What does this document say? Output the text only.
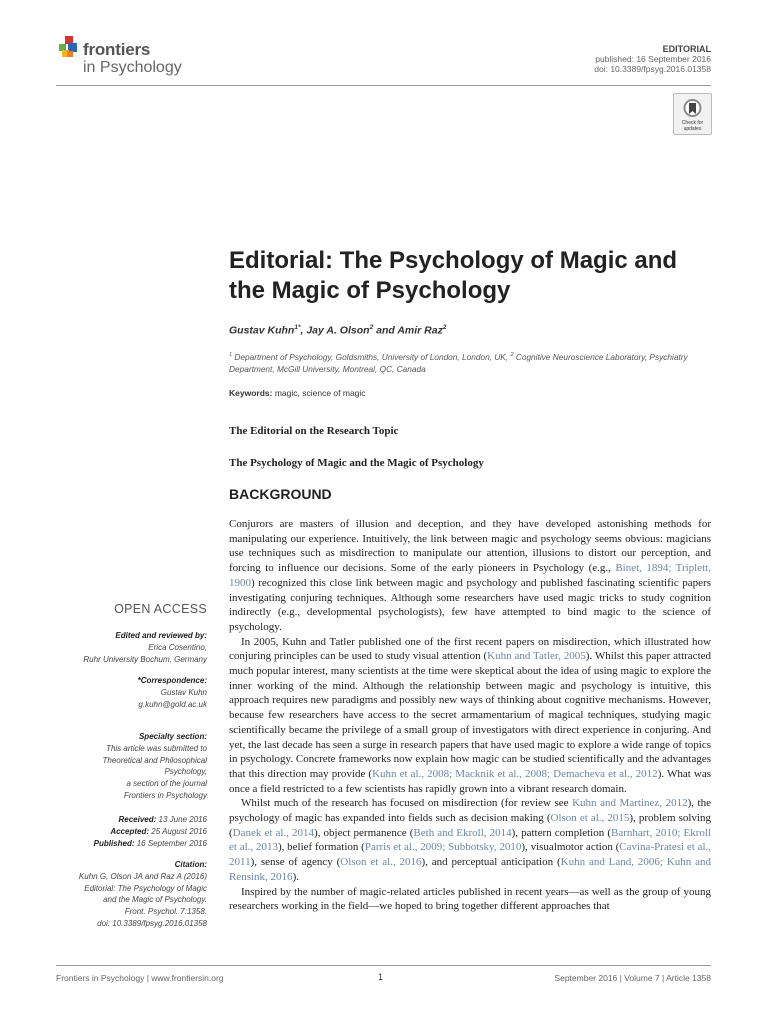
frontiers
in Psychology
EDITORIAL
published: 16 September 2016
doi: 10.3389/fpsyg.2016.01358
Check for updates
Editorial: The Psychology of Magic and the Magic of Psychology
Gustav Kuhn$^{1*}$, Jay A. Olson$^2$ and Amir Raz$^2$
$^1$ Department of Psychology, Goldsmiths, University of London, London, UK, $^2$ Cognitive Neuroscience Laboratory, Psychiatry Department, McGill University, Montreal, QC, Canada
Keywords: magic, science of magic
The Editorial on the Research Topic
The Psychology of Magic and the Magic of Psychology
BACKGROUND

Conjurors are masters of illusion and deception, and they have developed astonishing methods for manipulating our experience. Intuitively, the link between magic and psychology seems obvious: magicians use techniques such as misdirection to manipulate our attention, illusions to distort our perception, and forcing to influence our decisions. Some of the early pioneers in Psychology (e.g., Binet, 1894; Triplett, 1900) recognized this close link between magic and psychology and published fascinating scientific papers investigating conjuring techniques. Although some researchers have used magic tricks to study cognition indirectly (e.g., developmental psychologists), few have attempted to bind magic to the science of psychology.

In 2005, Kuhn and Tatler published one of the first recent papers on misdirection, which illustrated how conjuring principles can be used to study visual attention (Kuhn and Tatler, 2005). Whilst this paper attracted much popular interest, many scientists at the time were skeptical about the idea of using magic to explore the inner working of the mind. Although the relationship between magic and psychology is intuitive, this approach requires new paradigms and possibly new ways of thinking about cognitive mechanisms. However, because few researchers have access to the secret armamentarium of magical techniques, studying magic scientifically became the privilege of a small group of investigators with direct experience in conjuring. And yet, the last decade has seen a surge in research papers that have used magic to explore a wide range of topics in psychology. Concrete frameworks now explain how magic can be studied scientifically and the advantages that this direction may provide (Kuhn et al., 2008; Macknik et al., 2008; Demacheva et al., 2012). What was once a field restricted to a few scientists has rapidly grown into a vibrant research domain.

Whilst much of the research has focused on misdirection (for review see Kuhn and Martinez, 2012), the psychology of magic has expanded into fields such as decision making (Olson et al., 2015), problem solving (Danek et al., 2014), object permanence (Beth and Ekroll, 2014), pattern completion (Barnhart, 2010; Ekroll et al., 2013), belief formation (Parris et al., 2009; Subbotsky, 2010), visualmotor action (Cavina-Pratesi et al., 2011), sense of agency (Olson et al., 2016), and perceptual anticipation (Kuhn and Land, 2006; Kuhn and Rensink, 2016).

Inspired by the number of magic-related articles published in recent years—as well as the group of young researchers working in the field—we hoped to bring together different approaches that

OPEN ACCESS
Edited and reviewed by:
Erica Cosentino,
Ruhr University Bochum, Germany
*Correspondence:
Gustav Kuhn
g.kuhn@gold.ac.uk
Specialty section:
This article was submitted to
Theoretical and Philosophical
Psychology,
a section of the journal
Frontiers in Psychology
Received: 13 June 2016
Accepted: 25 August 2016
Published: 16 September 2016
Citation:
Kuhn G, Olson JA and Raz A (2016)
Editorial: The Psychology of Magic
and the Magic of Psychology.
Front. Psychol. 7:1358.
doi: 10.3389/fpsyg.2016.01358
Frontiers in Psychology | www.frontiersin.org	1	September 2016 | Volume 7 | Article 1358
